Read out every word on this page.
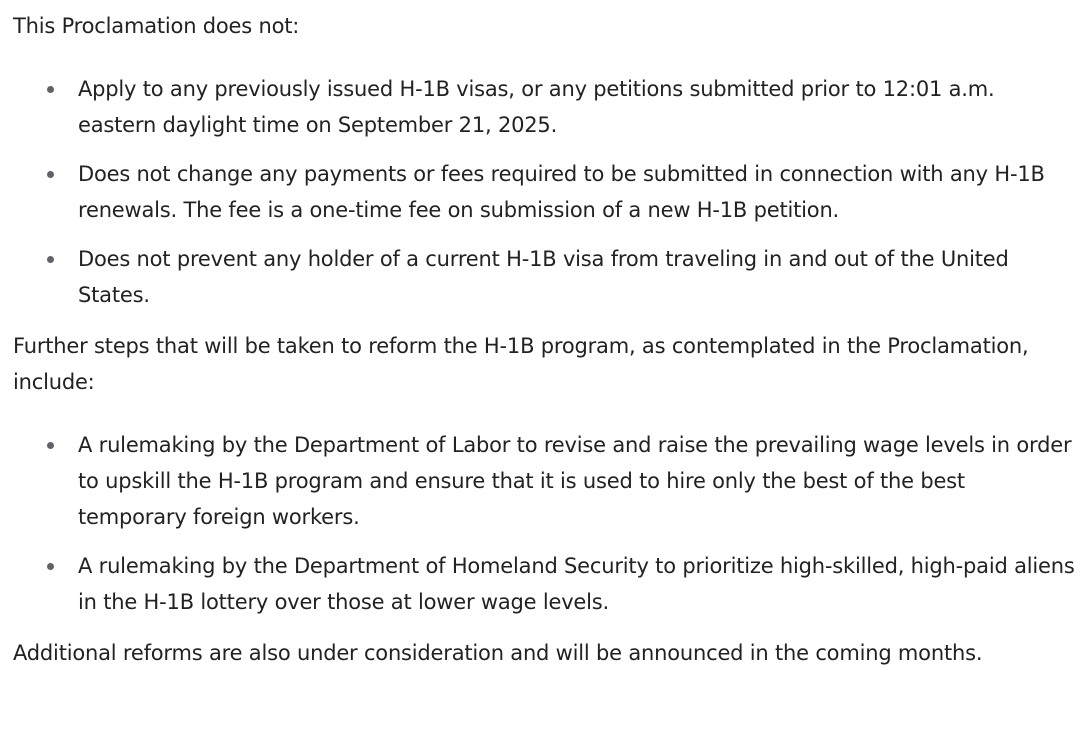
This Proclamation does not:

Apply to any previously issued H-1B visas, or any petitions submitted prior to 12:01 a.m. eastern daylight time on September 21, 2025.
Does not change any payments or fees required to be submitted in connection with any H-1B renewals. The fee is a one-time fee on submission of a new H-1B petition.
Does not prevent any holder of a current H-1B visa from traveling in and out of the United States.

Further steps that will be taken to reform the H-1B program, as contemplated in the Proclamation, include:

A rulemaking by the Department of Labor to revise and raise the prevailing wage levels in order to upskill the H-1B program and ensure that it is used to hire only the best of the best temporary foreign workers.
A rulemaking by the Department of Homeland Security to prioritize high-skilled, high-paid aliens in the H-1B lottery over those at lower wage levels.

Additional reforms are also under consideration and will be announced in the coming months.
